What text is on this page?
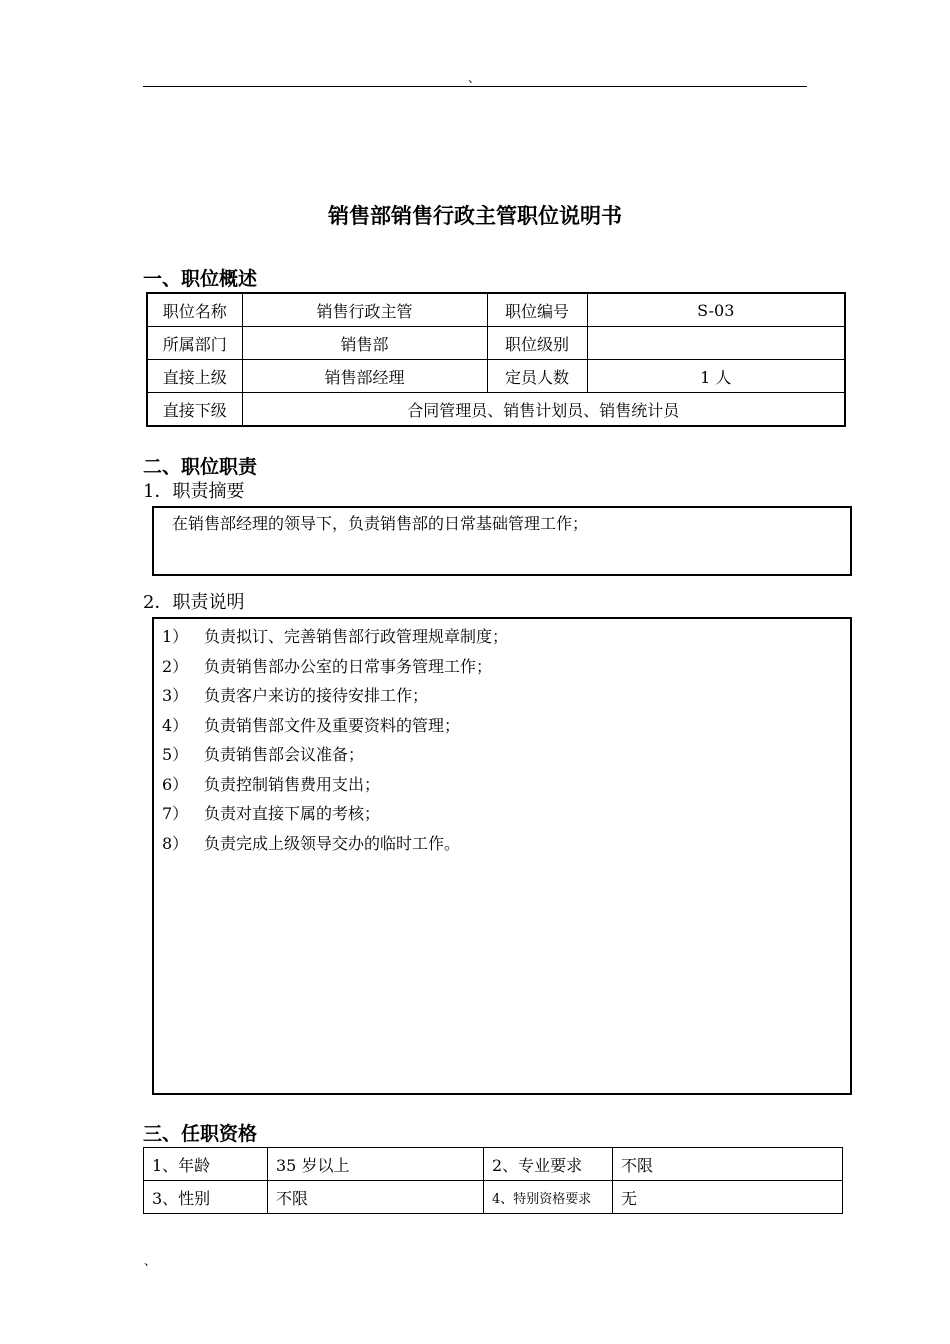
、
销售部销售行政主管职位说明书
一、职位概述
职位名称	销售行政主管	职位编号	S-03
所属部门	销售部	职位级别	
直接上级	销售部经理	定员人数	1 人
直接下级	合同管理员、销售计划员、销售统计员		
二、职位职责
1．职责摘要
在销售部经理的领导下，负责销售部的日常基础管理工作；
2．职责说明
1） 负责拟订、完善销售部行政管理规章制度；
2） 负责销售部办公室的日常事务管理工作；
3） 负责客户来访的接待安排工作；
4） 负责销售部文件及重要资料的管理；
5） 负责销售部会议准备；
6） 负责控制销售费用支出；
7） 负责对直接下属的考核；
8） 负责完成上级领导交办的临时工作。
三、任职资格
1、年龄	35 岁以上	2、专业要求	不限
3、性别	不限	4、特别资格要求	无
、
